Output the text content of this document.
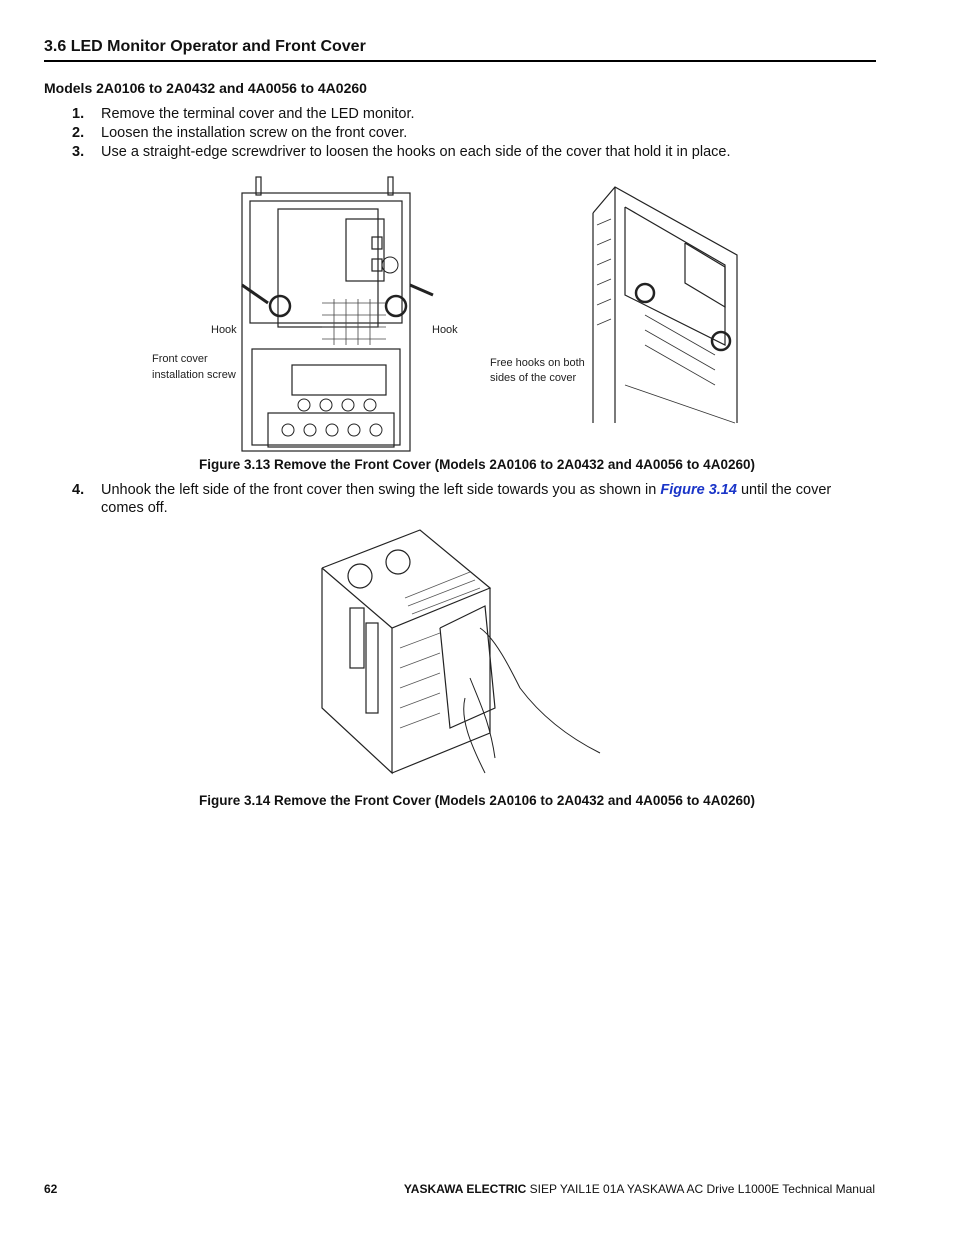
3.6 LED Monitor Operator and Front Cover
Models 2A0106 to 2A0432 and 4A0056 to 4A0260
1. Remove the terminal cover and the LED monitor.
2. Loosen the installation screw on the front cover.
3. Use a straight-edge screwdriver to loosen the hooks on each side of the cover that hold it in place.
Hook	Hook
Front cover
installation screw
Free hooks on both
sides of the cover
Figure 3.13 Remove the Front Cover (Models 2A0106 to 2A0432 and 4A0056 to 4A0260)
4. Unhook the left side of the front cover then swing the left side towards you as shown in Figure 3.14 until the cover comes off.
Figure 3.14 Remove the Front Cover (Models 2A0106 to 2A0432 and 4A0056 to 4A0260)
62	YASKAWA ELECTRIC SIEP YAIL1E 01A YASKAWA AC Drive L1000E Technical Manual
